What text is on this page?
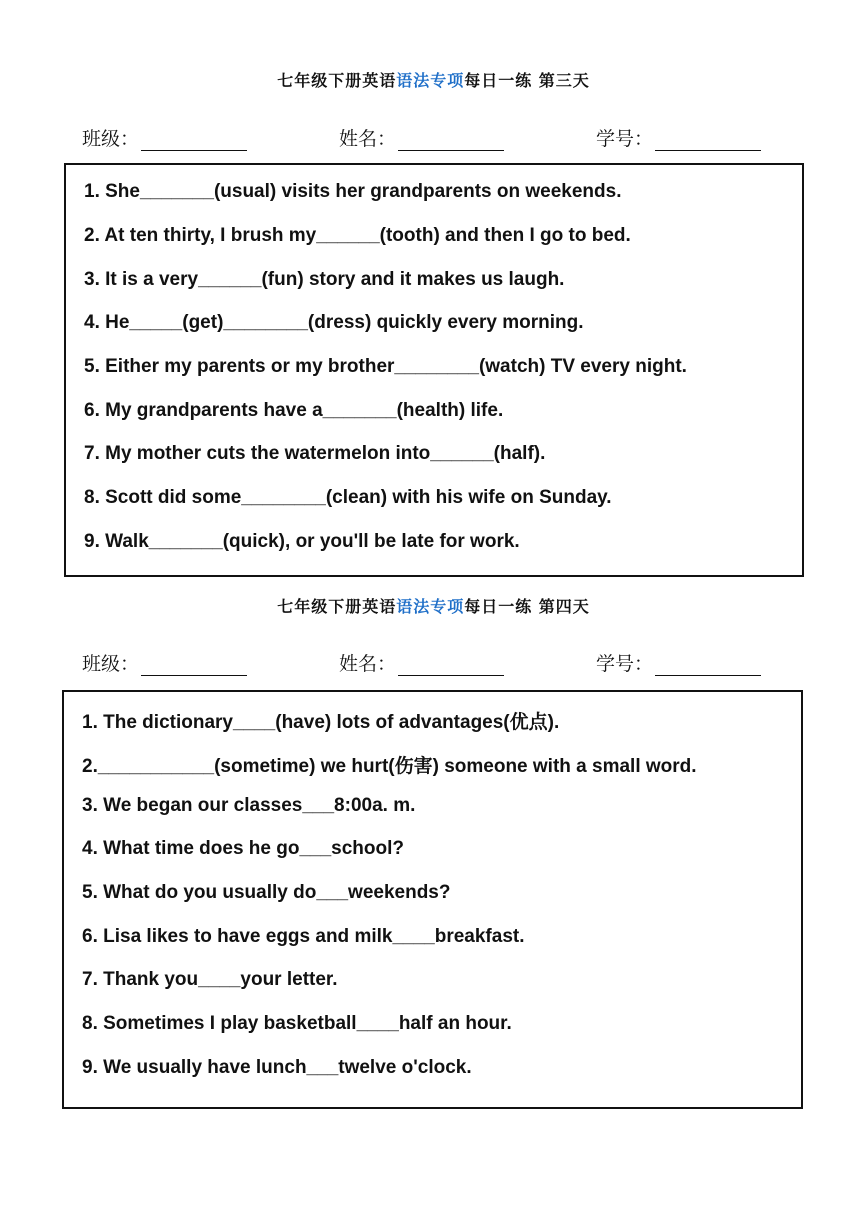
七年级下册英语语法专项每日一练 第三天
班级：	姓名：	学号：
1. She_______(usual) visits her grandparents on weekends.
2. At ten thirty, I brush my______(tooth) and then I go to bed.
3. It is a very______(fun) story and it makes us laugh.
4. He_____(get)________(dress) quickly every morning.
5. Either my parents or my brother________(watch) TV every night.
6. My grandparents have a_______(health) life.
7. My mother cuts the watermelon into______(half).
8. Scott did some________(clean) with his wife on Sunday.
9. Walk_______(quick), or you'll be late for work.
七年级下册英语语法专项每日一练 第四天
班级：	姓名：	学号：
1. The dictionary____(have) lots of advantages(优点).
2.___________(sometime) we hurt(伤害) someone with a small word.
3. We began our classes___8:00a. m.
4. What time does he go___school?
5. What do you usually do___weekends?
6. Lisa likes to have eggs and milk____breakfast.
7. Thank you____your letter.
8. Sometimes I play basketball____half an hour.
9. We usually have lunch___twelve o'clock.
